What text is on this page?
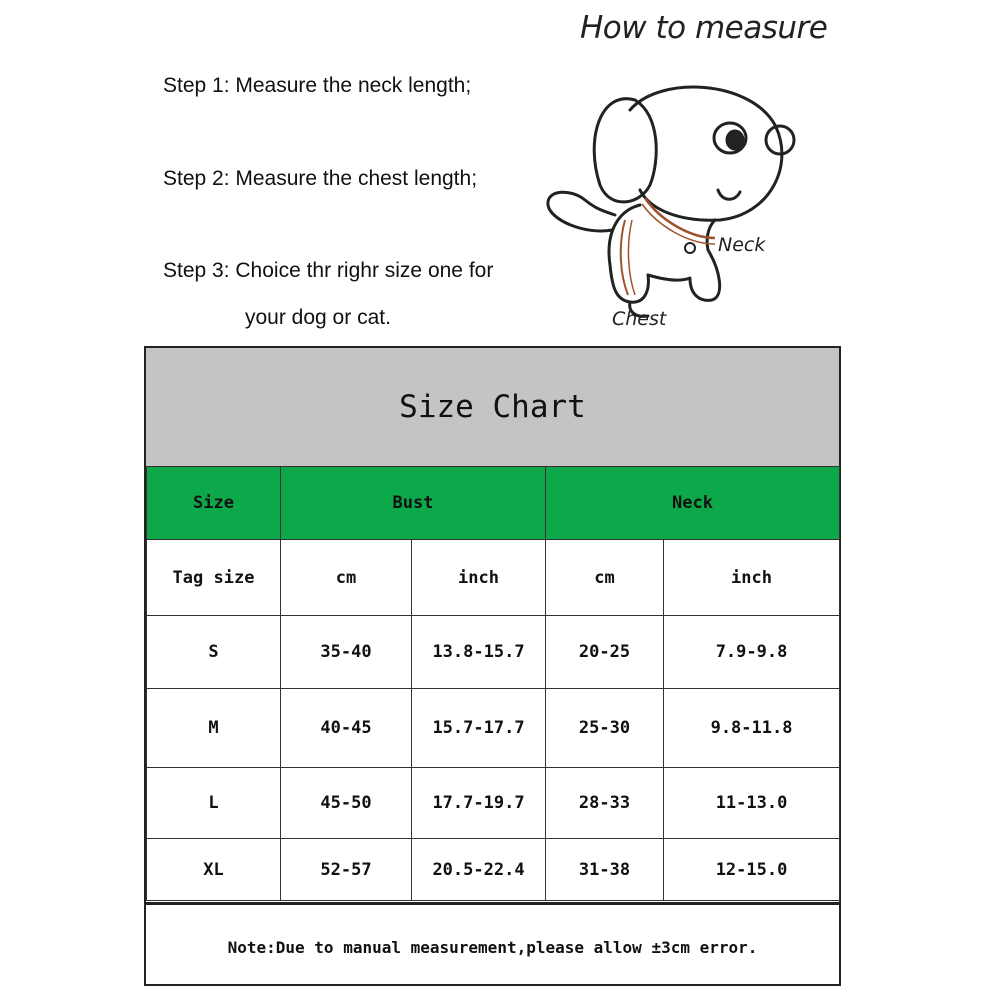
How to measure
Step 1: Measure the neck length;
Step 2: Measure the chest length;
Step 3: Choice thr righr size one for
your dog or cat.
Neck
Chest
Size Chart
Size	Bust		Neck	
Tag size	cm	inch	cm	inch
S	35-40	13.8-15.7	20-25	7.9-9.8
M	40-45	15.7-17.7	25-30	9.8-11.8
L	45-50	17.7-19.7	28-33	11-13.0
XL	52-57	20.5-22.4	31-38	12-15.0
Note:Due to manual measurement,please allow ±3cm error.
